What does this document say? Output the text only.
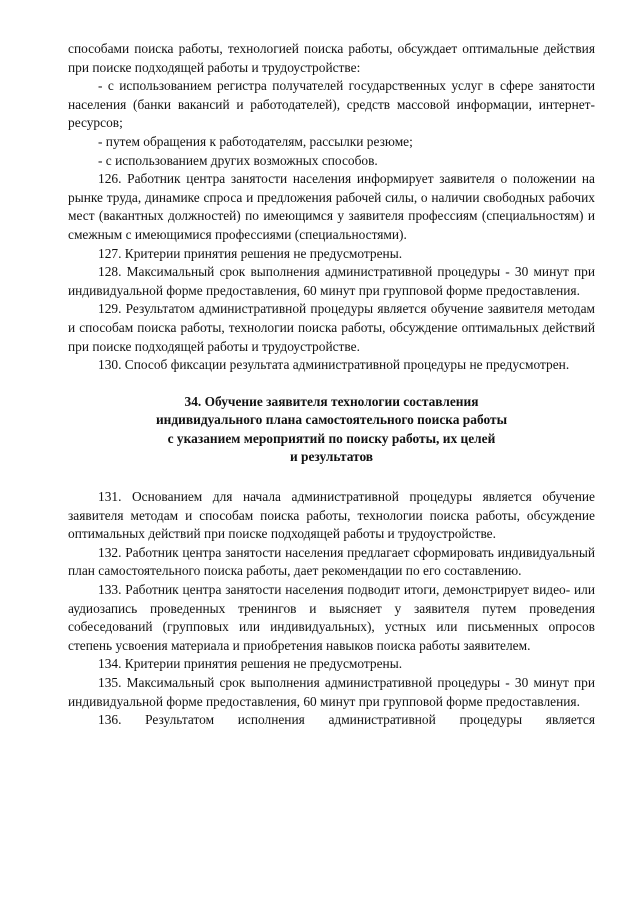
способами поиска работы, технологией поиска работы, обсуждает оптимальные действия при поиске подходящей работы и трудоустройстве:

- с использованием регистра получателей государственных услуг в сфере занятости населения (банки вакансий и работодателей), средств массовой информации, интернет-ресурсов;

- путем обращения к работодателям, рассылки резюме;

- с использованием других возможных способов.

126. Работник центра занятости населения информирует заявителя о положении на рынке труда, динамике спроса и предложения рабочей силы, о наличии свободных рабочих мест (вакантных должностей) по имеющимся у заявителя профессиям (специальностям) и смежным с имеющимися профессиями (специальностями).

127. Критерии принятия решения не предусмотрены.

128. Максимальный срок выполнения административной процедуры - 30 минут при индивидуальной форме предоставления, 60 минут при групповой форме предоставления.

129. Результатом административной процедуры является обучение заявителя методам и способам поиска работы, технологии поиска работы, обсуждение оптимальных действий при поиске подходящей работы и трудоустройстве.

130. Способ фиксации результата административной процедуры не предусмотрен.

34. Обучение заявителя технологии составления
индивидуального плана самостоятельного поиска работы
с указанием мероприятий по поиску работы, их целей
и результатов

131. Основанием для начала административной процедуры является обучение заявителя методам и способам поиска работы, технологии поиска работы, обсуждение оптимальных действий при поиске подходящей работы и трудоустройстве.

132. Работник центра занятости населения предлагает сформировать индивидуальный план самостоятельного поиска работы, дает рекомендации по его составлению.

133. Работник центра занятости населения подводит итоги, демонстрирует видео- или аудиозапись проведенных тренингов и выясняет у заявителя путем проведения собеседований (групповых или индивидуальных), устных или письменных опросов степень усвоения материала и приобретения навыков поиска работы заявителем.

134. Критерии принятия решения не предусмотрены.

135. Максимальный срок выполнения административной процедуры - 30 минут при индивидуальной форме предоставления, 60 минут при групповой форме предоставления.

136. Результатом исполнения административной процедуры является
